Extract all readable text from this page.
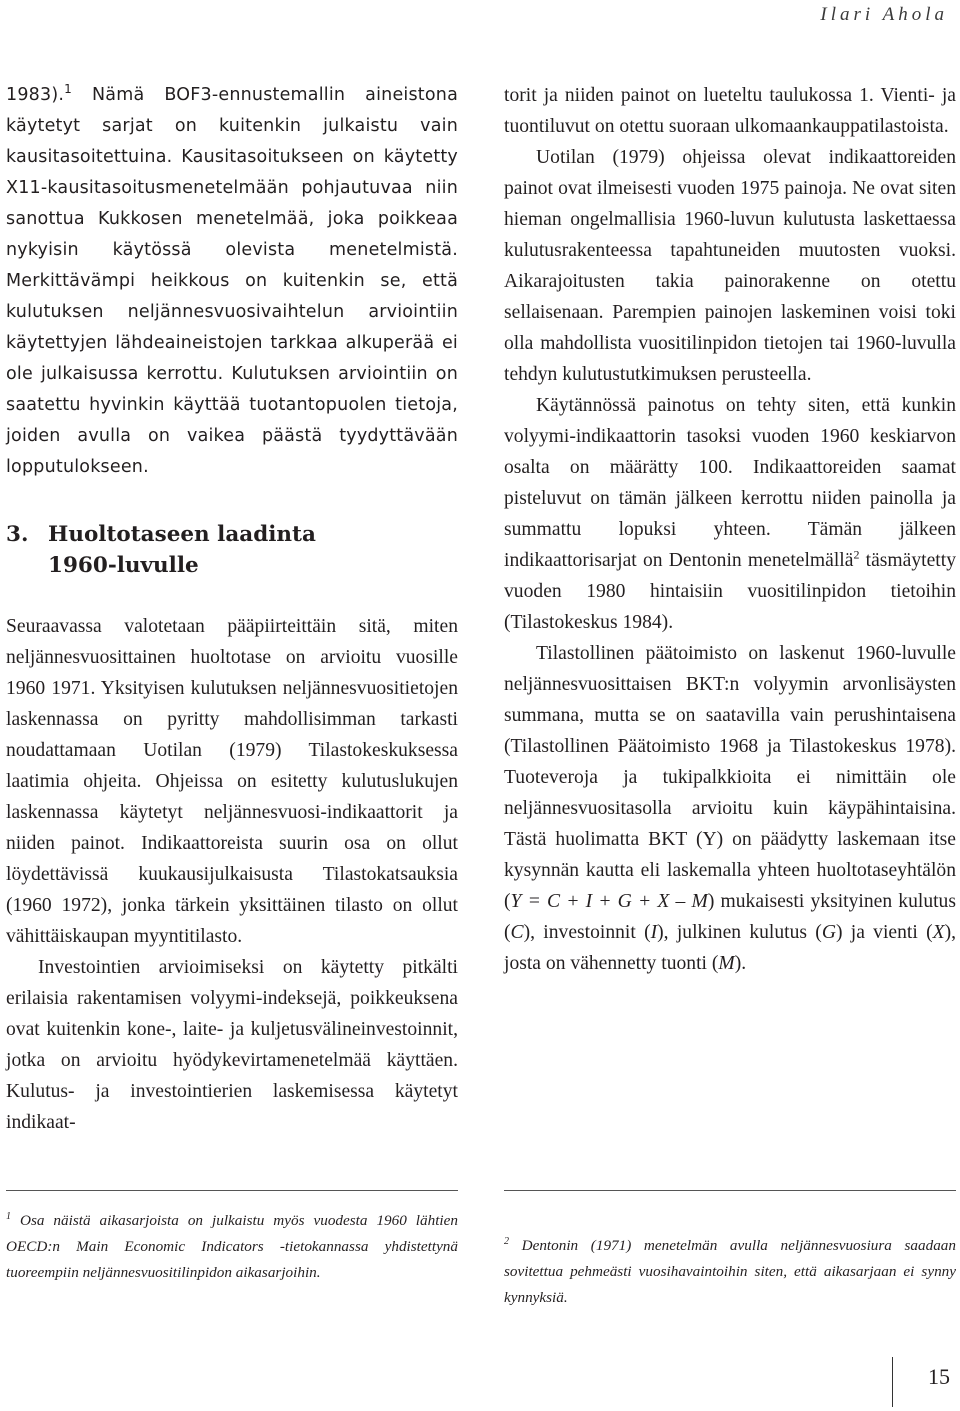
Ilari Ahola

1983).$^1$ Nämä BOF3-ennustemallin aineistona käytetyt sarjat on kuitenkin julkaistu vain kausitasoitettuina. Kausitasoitukseen on käytetty X11-kausitasoitusmenetelmään pohjautuvaa niin sanottua Kukkosen menetelmää, joka poikkeaa nykyisin käytössä olevista menetelmistä. Merkittävämpi heikkous on kuitenkin se, että kulutuksen neljännesvuosivaihtelun arviointiin käytettyjen lähdeaineistojen tarkkaa alkuperää ei ole julkaisussa kerrottu. Kulutuksen arviointiin on saatettu hyvinkin käyttää tuotantopuolen tietoja, joiden avulla on vaikea päästä tyydyttävään lopputulokseen.

3. Huoltotaseen laadinta
1960-luvulle

Seuraavassa valotetaan pääpiirteittäin sitä, miten neljännesvuosittainen huoltotase on arvioitu vuosille 1960 1971. Yksityisen kulutuksen neljännesvuositietojen laskennassa on pyritty mahdollisimman tarkasti noudattamaan Uotilan (1979) Tilastokeskuksessa laatimia ohjeita. Ohjeissa on esitetty kulutuslukujen laskennassa käytetyt neljännesvuosi-indikaattorit ja niiden painot. Indikaattoreista suurin osa on ollut löydettävissä kuukausijulkaisusta Tilastokatsauksia (1960 1972), jonka tärkein yksittäinen tilasto on ollut vähittäiskaupan myyntitilasto.

Investointien arvioimiseksi on käytetty pitkälti erilaisia rakentamisen volyymi-indeksejä, poikkeuksena ovat kuitenkin kone-, laite- ja kuljetusvälineinvestoinnit, jotka on arvioitu hyödykevirtamenetelmää käyttäen. Kulutus- ja investointierien laskemisessa käytetyt indikaat-

torit ja niiden painot on lueteltu taulukossa 1. Vienti- ja tuontiluvut on otettu suoraan ulkomaankauppatilastoista.

Uotilan (1979) ohjeissa olevat indikaattoreiden painot ovat ilmeisesti vuoden 1975 painoja. Ne ovat siten hieman ongelmallisia 1960-luvun kulutusta laskettaessa kulutusrakenteessa tapahtuneiden muutosten vuoksi. Aikarajoitusten takia painorakenne on otettu sellaisenaan. Parempien painojen laskeminen voisi toki olla mahdollista vuositilinpidon tietojen tai 1960-luvulla tehdyn kulutustutkimuksen perusteella.

Käytännössä painotus on tehty siten, että kunkin volyymi-indikaattorin tasoksi vuoden 1960 keskiarvon osalta on määrätty 100. Indikaattoreiden saamat pisteluvut on tämän jälkeen kerrottu niiden painolla ja summattu lopuksi yhteen. Tämän jälkeen indikaattorisarjat on Dentonin menetelmällä$^2$ täsmäytetty vuoden 1980 hintaisiin vuositilinpidon tietoihin (Tilastokeskus 1984).

Tilastollinen päätoimisto on laskenut 1960-luvulle neljännesvuosittaisen BKT:n volyymin arvonlisäysten summana, mutta se on saatavilla vain perushintaisena (Tilastollinen Päätoimisto 1968 ja Tilastokeskus 1978). Tuoteveroja ja tukipalkkioita ei nimittäin ole neljännesvuositasolla arvioitu kuin käypähintaisina. Tästä huolimatta BKT (Y) on päädytty laskemaan itse kysynnän kautta eli laskemalla yhteen huoltotaseyhtälön (Y = C + I + G + X – M) mukaisesti yksityinen kulutus (C), investoinnit (I), julkinen kulutus (G) ja vienti (X), josta on vähennetty tuonti (M).

$^1$ Osa näistä aikasarjoista on julkaistu myös vuodesta 1960 lähtien OECD:n Main Economic Indicators -tietokannassa yhdistettynä tuoreempiin neljännesvuositilinpidon aikasarjoihin.
$^2$ Dentonin (1971) menetelmän avulla neljännesvuosiura saadaan sovitettua pehmeästi vuosihavaintoihin siten, että aikasarjaan ei synny kynnyksiä.
15
